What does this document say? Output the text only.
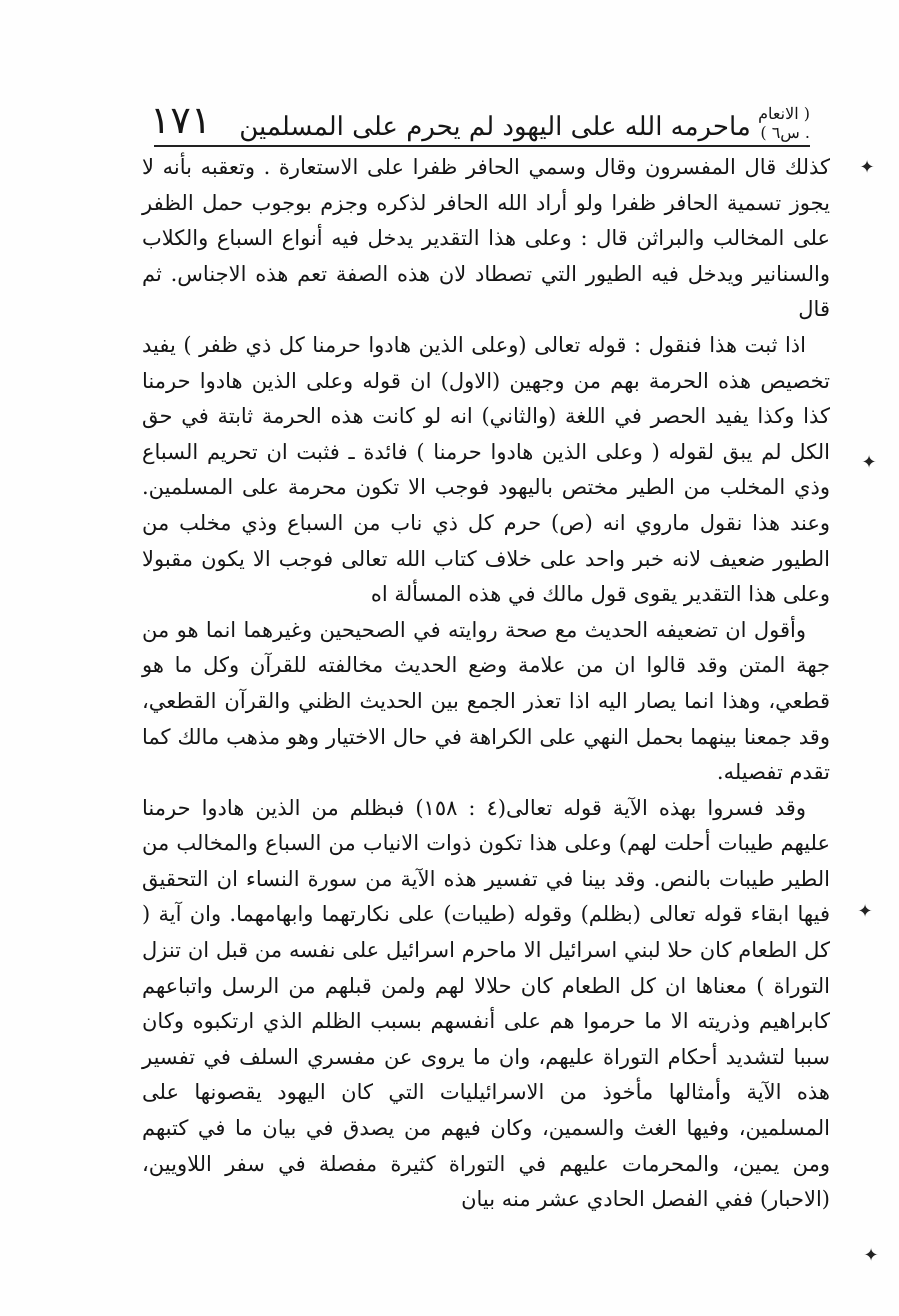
( الانعام . س٦ )
ماحرمه الله على اليهود لم يحرم على المسلمين
١٧١

كذلك قال المفسرون وقال وسمي الحافر ظفرا على الاستعارة . وتعقبه بأنه لا يجوز تسمية الحافر ظفرا ولو أراد الله الحافر لذكره وجزم بوجوب حمل الظفر على المخالب والبراثن قال : وعلى هذا التقدير يدخل فيه أنواع السباع والكلاب والسنانير ويدخل فيه الطيور التي تصطاد لان هذه الصفة تعم هذه الاجناس. ثم قال

اذا ثبت هذا فنقول : قوله تعالى (وعلى الذين هادوا حرمنا كل ذي ظفر ) يفيد تخصيص هذه الحرمة بهم من وجهين (الاول) ان قوله وعلى الذين هادوا حرمنا كذا وكذا يفيد الحصر في اللغة (والثاني) انه لو كانت هذه الحرمة ثابتة في حق الكل لم يبق لقوله ( وعلى الذين هادوا حرمنا ) فائدة ـ فثبت ان تحريم السباع وذي المخلب من الطير مختص باليهود فوجب الا تكون محرمة على المسلمين. وعند هذا نقول ماروي انه (ص) حرم كل ذي ناب من السباع وذي مخلب من الطيور ضعيف لانه خبر واحد على خلاف كتاب الله تعالى فوجب الا يكون مقبولا وعلى هذا التقدير يقوى قول مالك في هذه المسألة اه

وأقول ان تضعيفه الحديث مع صحة روايته في الصحيحين وغيرهما انما هو من جهة المتن وقد قالوا ان من علامة وضع الحديث مخالفته للقرآن وكل ما هو قطعي، وهذا انما يصار اليه اذا تعذر الجمع بين الحديث الظني والقرآن القطعي، وقد جمعنا بينهما بحمل النهي على الكراهة في حال الاختيار وهو مذهب مالك كما تقدم تفصيله.

وقد فسروا بهذه الآية قوله تعالى(٤ : ١٥٨) فبظلم من الذين هادوا حرمنا عليهم طيبات أحلت لهم) وعلى هذا تكون ذوات الانياب من السباع والمخالب من الطير طيبات بالنص. وقد بينا في تفسير هذه الآية من سورة النساء ان التحقيق فيها ابقاء قوله تعالى (بظلم) وقوله (طيبات) على نكارتهما وابهامهما. وان آية ( كل الطعام كان حلا لبني اسرائيل الا ماحرم اسرائيل على نفسه من قبل ان تنزل التوراة ) معناها ان كل الطعام كان حلالا لهم ولمن قبلهم من الرسل واتباعهم كابراهيم وذريته الا ما حرموا هم على أنفسهم بسبب الظلم الذي ارتكبوه وكان سببا لتشديد أحكام التوراة عليهم، وان ما يروى عن مفسري السلف في تفسير هذه الآية وأمثالها مأخوذ من الاسرائيليات التي كان اليهود يقصونها على المسلمين، وفيها الغث والسمين، وكان فيهم من يصدق في بيان ما في كتبهم ومن يمين، والمحرمات عليهم في التوراة كثيرة مفصلة في سفر اللاويين، (الاحبار) ففي الفصل الحادي عشر منه بيان

✦
✦
✦
✦
